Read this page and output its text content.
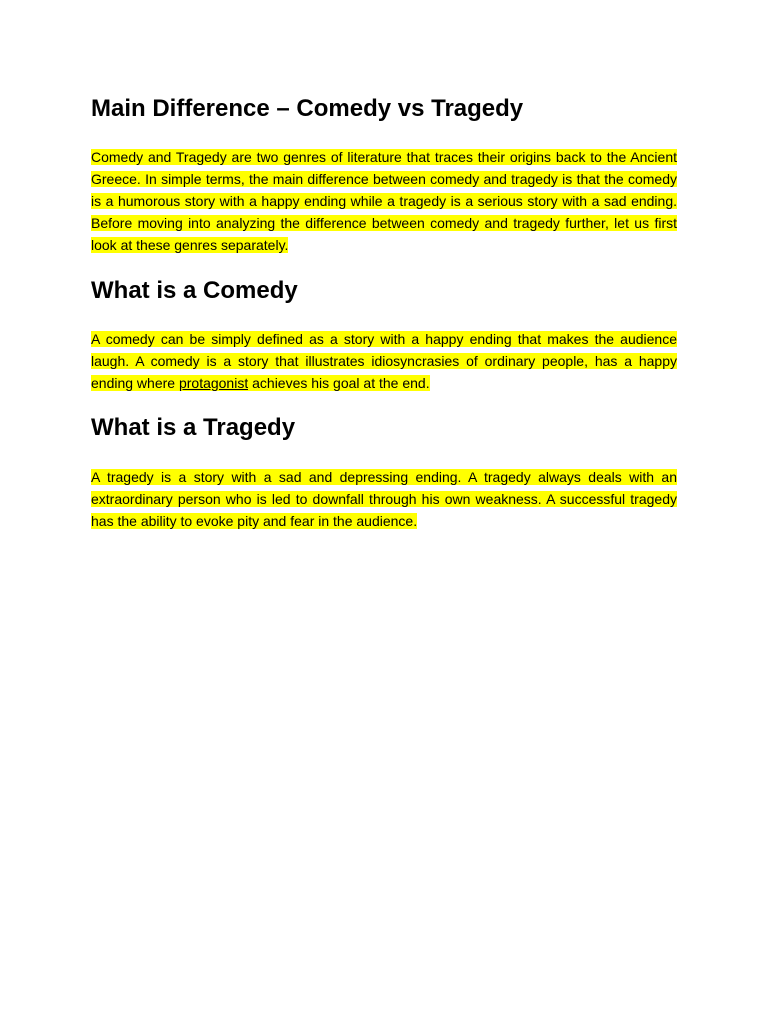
Main Difference – Comedy vs Tragedy

Comedy and Tragedy are two genres of literature that traces their origins back to the Ancient Greece. In simple terms, the main difference between comedy and tragedy is that the comedy is a humorous story with a happy ending while a tragedy is a serious story with a sad ending. Before moving into analyzing the difference between comedy and tragedy further, let us first look at these genres separately.

What is a Comedy

A comedy can be simply defined as a story with a happy ending that makes the audience laugh. A comedy is a story that illustrates idiosyncrasies of ordinary people, has a happy ending where protagonist achieves his goal at the end.

What is a Tragedy

A tragedy is a story with a sad and depressing ending. A tragedy always deals with an extraordinary person who is led to downfall through his own weakness. A successful tragedy has the ability to evoke pity and fear in the audience.
